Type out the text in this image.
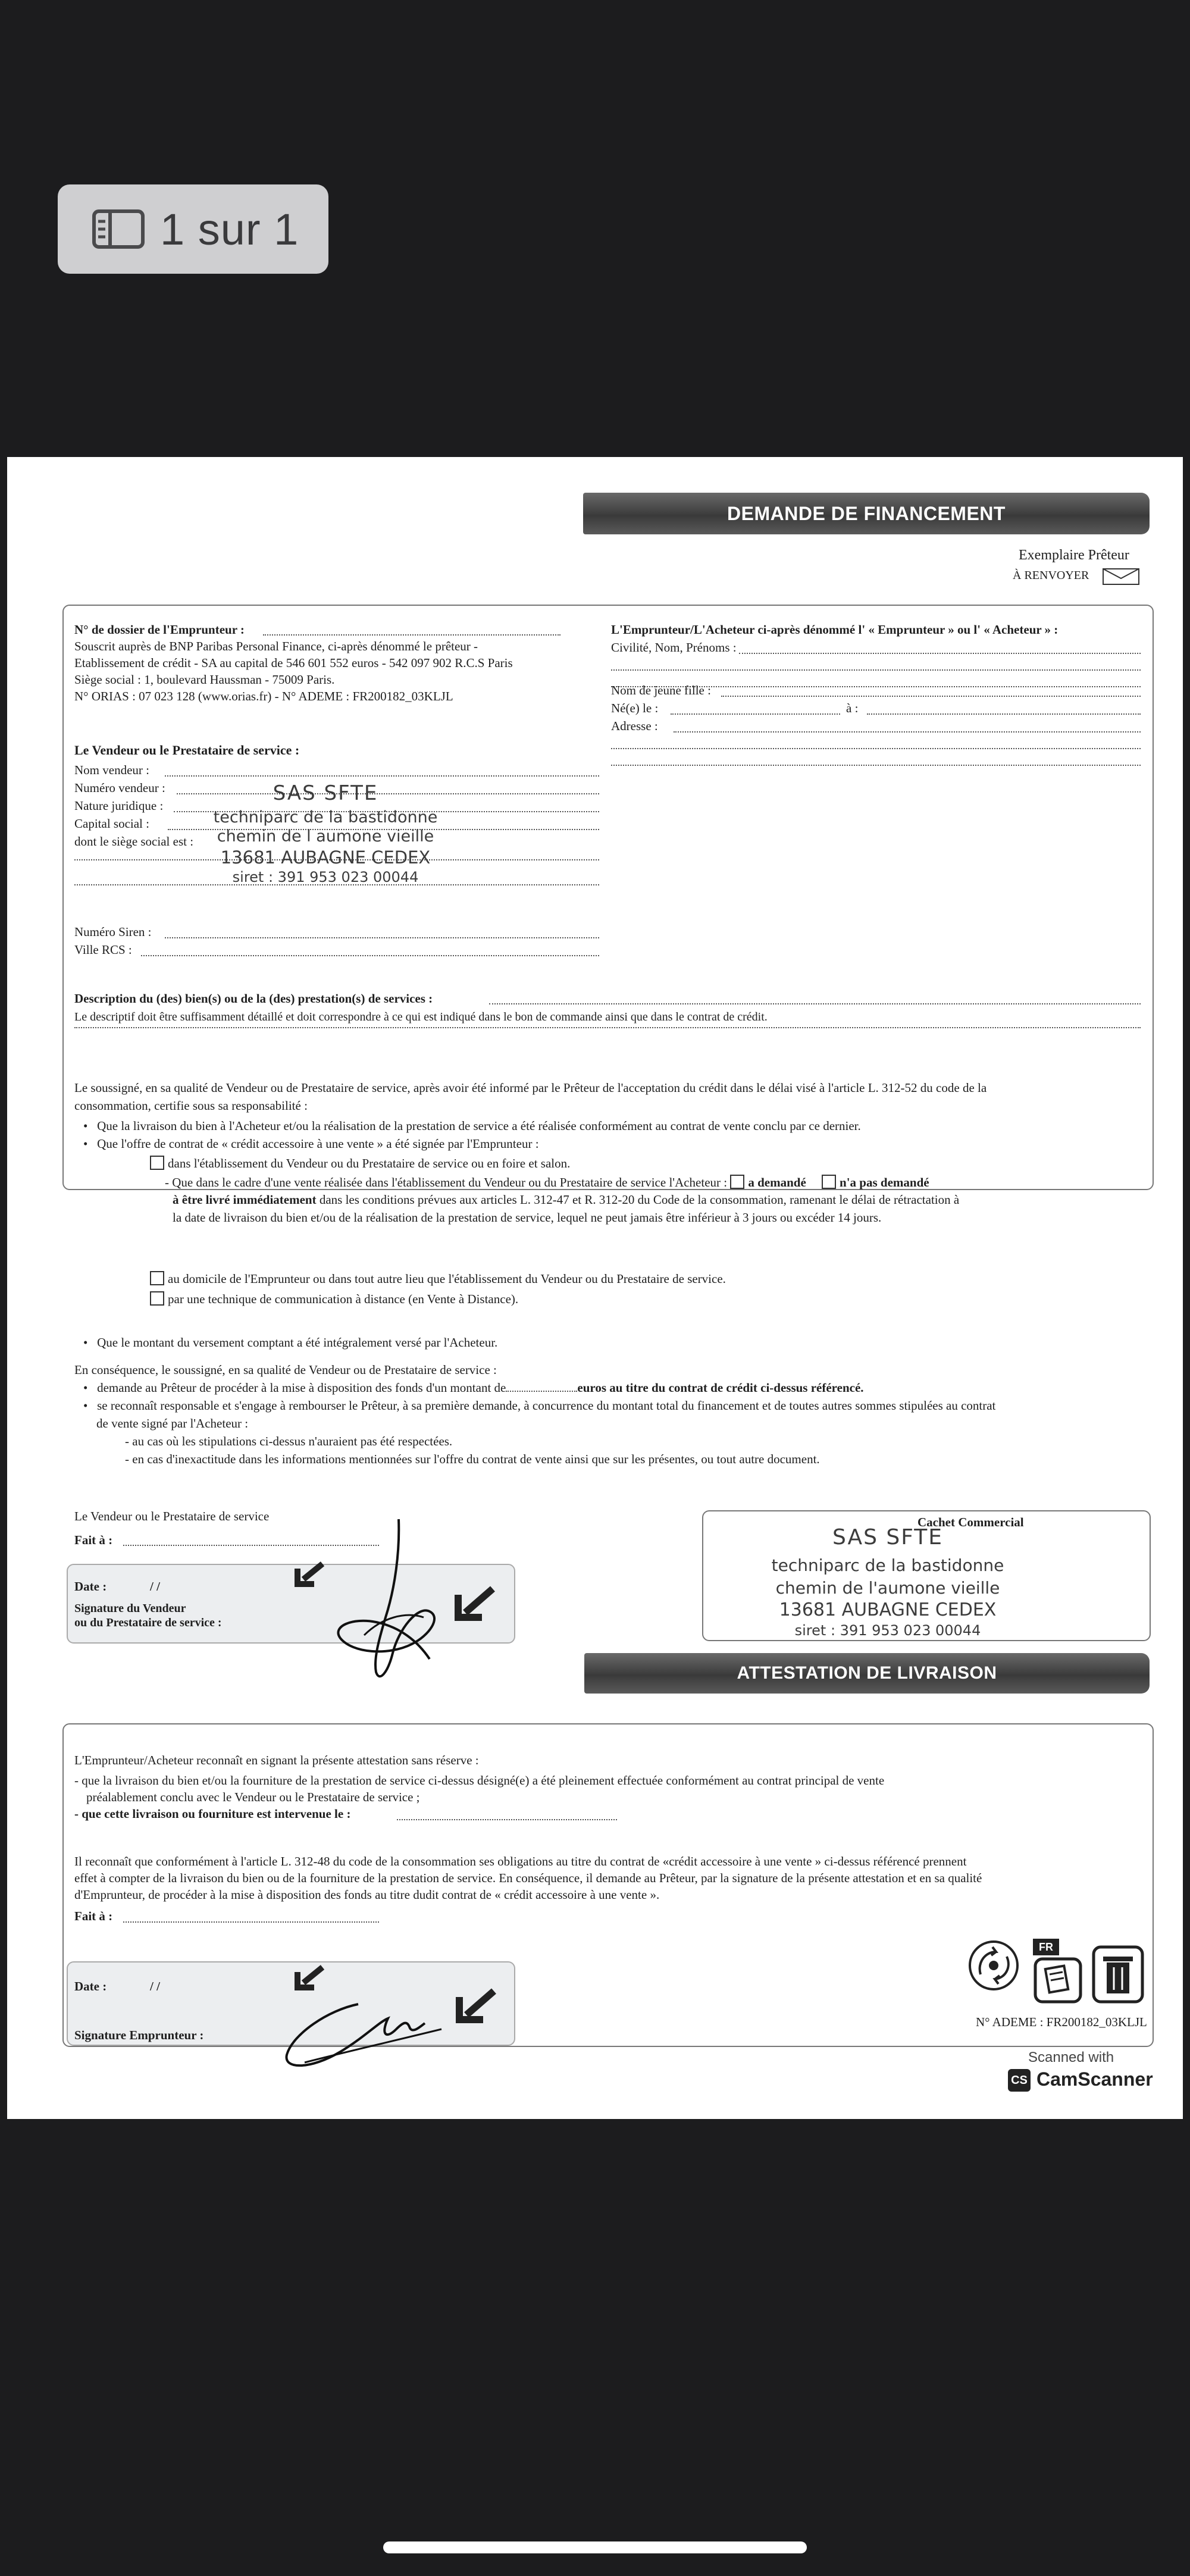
1 sur 1
DEMANDE DE FINANCEMENT
Exemplaire Prêteur
À RENVOYER
N° de dossier de l'Emprunteur :
Souscrit auprès de BNP Paribas Personal Finance, ci-après dénommé le prêteur -
Etablissement de crédit - SA au capital de 546 601 552 euros - 542 097 902 R.C.S Paris
Siège social : 1, boulevard Haussman - 75009 Paris.
N° ORIAS : 07 023 128 (www.orias.fr) - N° ADEME : FR200182_03KLJL
Le Vendeur ou le Prestataire de service :
Nom vendeur :
Numéro vendeur :
Nature juridique :
Capital social :
dont le siège social est :
SAS SFTE
techniparc de la bastidonne
chemin de l aumone vieille
13681 AUBAGNE CEDEX
siret : 391 953 023 00044
Numéro Siren :
Ville RCS :
L'Emprunteur/L'Acheteur ci-après dénommé l' « Emprunteur » ou l' « Acheteur » :
Civilité, Nom, Prénoms :
Nom de jeune fille :
Né(e) le :	à :
Adresse :
Description du (des) bien(s) ou de la (des) prestation(s) de services :
Le descriptif doit être suffisamment détaillé et doit correspondre à ce qui est indiqué dans le bon de commande ainsi que dans le contrat de crédit.
Le soussigné, en sa qualité de Vendeur ou de Prestataire de service, après avoir été informé par le Prêteur de l'acceptation du crédit dans le délai visé à l'article L. 312-52 du code de la
consommation, certifie sous sa responsabilité :
•   Que la livraison du bien à l'Acheteur et/ou la réalisation de la prestation de service a été réalisée conformément au contrat de vente conclu par ce dernier.
•   Que l'offre de contrat de « crédit accessoire à une vente » a été signée par l'Emprunteur :
dans l'établissement du Vendeur ou du Prestataire de service ou en foire et salon.
- Que dans le cadre d'une vente réalisée dans l'établissement du Vendeur ou du Prestataire de service l'Acheteur : a demandé	n'a pas demandé
à être livré immédiatement dans les conditions prévues aux articles L. 312-47 et R. 312-20 du Code de la consommation, ramenant le délai de rétractation à
la date de livraison du bien et/ou de la réalisation de la prestation de service, lequel ne peut jamais être inférieur à 3 jours ou excéder 14 jours.
au domicile de l'Emprunteur ou dans tout autre lieu que l'établissement du Vendeur ou du Prestataire de service.
par une technique de communication à distance (en Vente à Distance).
•   Que le montant du versement comptant a été intégralement versé par l'Acheteur.
En conséquence, le soussigné, en sa qualité de Vendeur ou de Prestataire de service :
•   demande au Prêteur de procéder à la mise à disposition des fonds d'un montant de	euros au titre du contrat de crédit ci-dessus référencé.
•   se reconnaît responsable et s'engage à rembourser le Prêteur, à sa première demande, à concurrence du montant total du financement et de toutes autres sommes stipulées au contrat
de vente signé par l'Acheteur :
- au cas où les stipulations ci-dessus n'auraient pas été respectées.
- en cas d'inexactitude dans les informations mentionnées sur l'offre du contrat de vente ainsi que sur les présentes, ou tout autre document.
Le Vendeur ou le Prestataire de service
Fait à :
Date :	/ /
Signature du Vendeur
ou du Prestataire de service :
Cachet Commercial
SAS SFTE
techniparc de la bastidonne
chemin de l'aumone vieille
13681 AUBAGNE CEDEX
siret : 391 953 023 00044
ATTESTATION DE LIVRAISON
L'Emprunteur/Acheteur reconnaît en signant la présente attestation sans réserve :
- que la livraison du bien et/ou la fourniture de la prestation de service ci-dessus désigné(e) a été pleinement effectuée conformément au contrat principal de vente
préalablement conclu avec le Vendeur ou le Prestataire de service ;
- que cette livraison ou fourniture est intervenue le :
Il reconnaît que conformément à l'article L. 312-48 du code de la consommation ses obligations au titre du contrat de «crédit accessoire à une vente » ci-dessus référencé prennent
effet à compter de la livraison du bien ou de la fourniture de la prestation de service. En conséquence, il demande au Prêteur, par la signature de la présente attestation et en sa qualité
d'Emprunteur, de procéder à la mise à disposition des fonds au titre dudit contrat de « crédit accessoire à une vente ».
Fait à :
Date :	/ /
Signature Emprunteur :
FR
N° ADEME : FR200182_03KLJL
Scanned with
CS CamScanner
